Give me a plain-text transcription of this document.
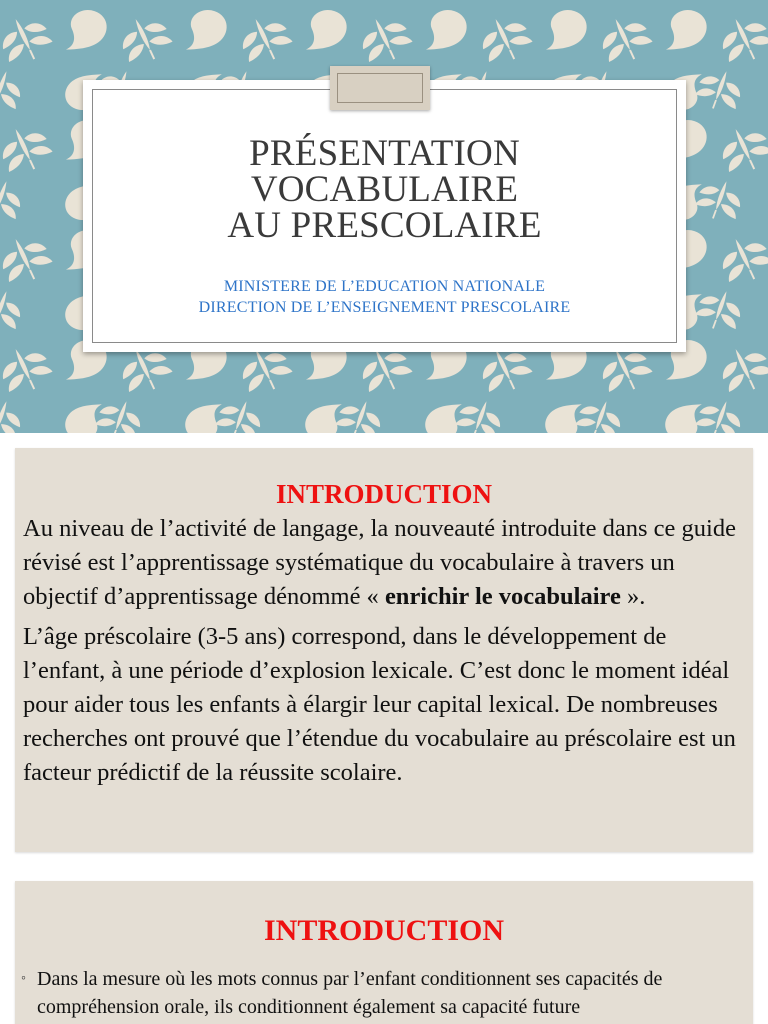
PRÉSENTATION
VOCABULAIRE
AU PRESCOLAIRE
MINISTERE DE L’EDUCATION NATIONALE
DIRECTION DE L’ENSEIGNEMENT PRESCOLAIRE
INTRODUCTION

Au niveau de l’activité de langage, la nouveauté introduite dans ce guide révisé est l’apprentissage systématique du vocabulaire à travers un objectif d’apprentissage dénommé « enrichir le vocabulaire ».

L’âge préscolaire (3-5 ans) correspond, dans le développement de l’enfant, à une période d’explosion lexicale. C’est donc le moment idéal pour aider tous les enfants à élargir leur capital lexical. De nombreuses recherches ont prouvé que l’étendue du vocabulaire au préscolaire est un facteur prédictif de la réussite scolaire.

INTRODUCTION
◦ Dans la mesure où les mots connus par l’enfant conditionnent ses capacités de compréhension orale, ils conditionnent également sa capacité future
